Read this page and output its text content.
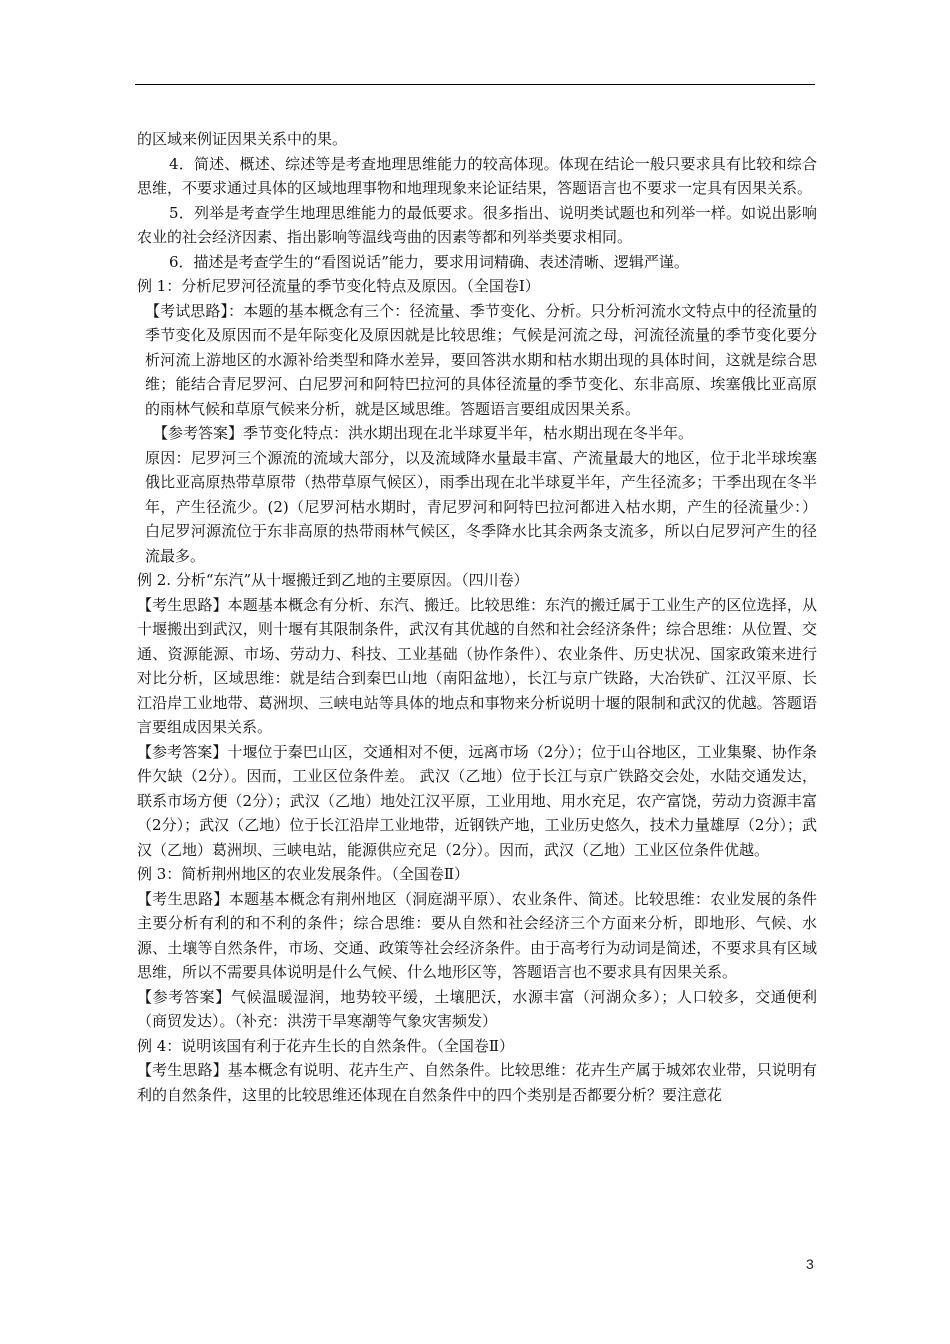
的区域来例证因果关系中的果。

4．简述、概述、综述等是考查地理思维能力的较高体现。体现在结论一般只要求具有比较和综合思维，不要求通过具体的区域地理事物和地理现象来论证结果，答题语言也不要求一定具有因果关系。

5．列举是考查学生地理思维能力的最低要求。很多指出、说明类试题也和列举一样。如说出影响农业的社会经济因素、指出影响等温线弯曲的因素等都和列举类要求相同。

6．描述是考查学生的“看图说话”能力，要求用词精确、表述清晰、逻辑严谨。

例 1：分析尼罗河径流量的季节变化特点及原因。（全国卷Ⅰ）

【考试思路】：本题的基本概念有三个：径流量、季节变化、分析。只分析河流水文特点中的径流量的季节变化及原因而不是年际变化及原因就是比较思维；气候是河流之母，河流径流量的季节变化要分析河流上游地区的水源补给类型和降水差异，要回答洪水期和枯水期出现的具体时间，这就是综合思维；能结合青尼罗河、白尼罗河和阿特巴拉河的具体径流量的季节变化、东非高原、埃塞俄比亚高原的雨林气候和草原气候来分析，就是区域思维。答题语言要组成因果关系。

【参考答案】季节变化特点：洪水期出现在北半球夏半年，枯水期出现在冬半年。

原因：尼罗河三个源流的流域大部分，以及流域降水量最丰富、产流量最大的地区，位于北半球埃塞俄比亚高原热带草原带（热带草原气候区），雨季出现在北半球夏半年，产生径流多；干季出现在冬半年，产生径流少。(2)（尼罗河枯水期时，青尼罗河和阿特巴拉河都进入枯水期，产生的径流量少：）白尼罗河源流位于东非高原的热带雨林气候区，冬季降水比其余两条支流多，所以白尼罗河产生的径流最多。

例 2. 分析“东汽”从十堰搬迁到乙地的主要原因。（四川卷）

【考生思路】本题基本概念有分析、东汽、搬迁。比较思维：东汽的搬迁属于工业生产的区位选择，从十堰搬出到武汉，则十堰有其限制条件，武汉有其优越的自然和社会经济条件；综合思维：从位置、交通、资源能源、市场、劳动力、科技、工业基础（协作条件）、农业条件、历史状况、国家政策来进行对比分析，区域思维：就是结合到秦巴山地（南阳盆地），长江与京广铁路，大冶铁矿、江汉平原、长江沿岸工业地带、葛洲坝、三峡电站等具体的地点和事物来分析说明十堰的限制和武汉的优越。答题语言要组成因果关系。

【参考答案】十堰位于秦巴山区，交通相对不便，远离市场（2分）；位于山谷地区，工业集聚、协作条件欠缺（2分）。因而，工业区位条件差。 武汉（乙地）位于长江与京广铁路交会处，水陆交通发达，联系市场方便（2分）；武汉（乙地）地处江汉平原，工业用地、用水充足，农产富饶，劳动力资源丰富（2分）；武汉（乙地）位于长江沿岸工业地带，近钢铁产地，工业历史悠久，技术力量雄厚（2分）；武汉（乙地）葛洲坝、三峡电站，能源供应充足（2分）。因而，武汉（乙地）工业区位条件优越。

例 3：简析荆州地区的农业发展条件。（全国卷Ⅱ）

【考生思路】本题基本概念有荆州地区（洞庭湖平原）、农业条件、简述。比较思维：农业发展的条件主要分析有利的和不利的条件；综合思维：要从自然和社会经济三个方面来分析，即地形、气候、水源、土壤等自然条件，市场、交通、政策等社会经济条件。由于高考行为动词是简述，不要求具有区域思维，所以不需要具体说明是什么气候、什么地形区等，答题语言也不要求具有因果关系。

【参考答案】气候温暖湿润，地势较平缓，土壤肥沃，水源丰富（河湖众多）；人口较多，交通便利（商贸发达）。（补充：洪涝干旱寒潮等气象灾害频发）

例 4：说明该国有利于花卉生长的自然条件。（全国卷Ⅱ）

【考生思路】基本概念有说明、花卉生产、自然条件。比较思维：花卉生产属于城郊农业带，只说明有利的自然条件，这里的比较思维还体现在自然条件中的四个类别是否都要分析？要注意花

3
